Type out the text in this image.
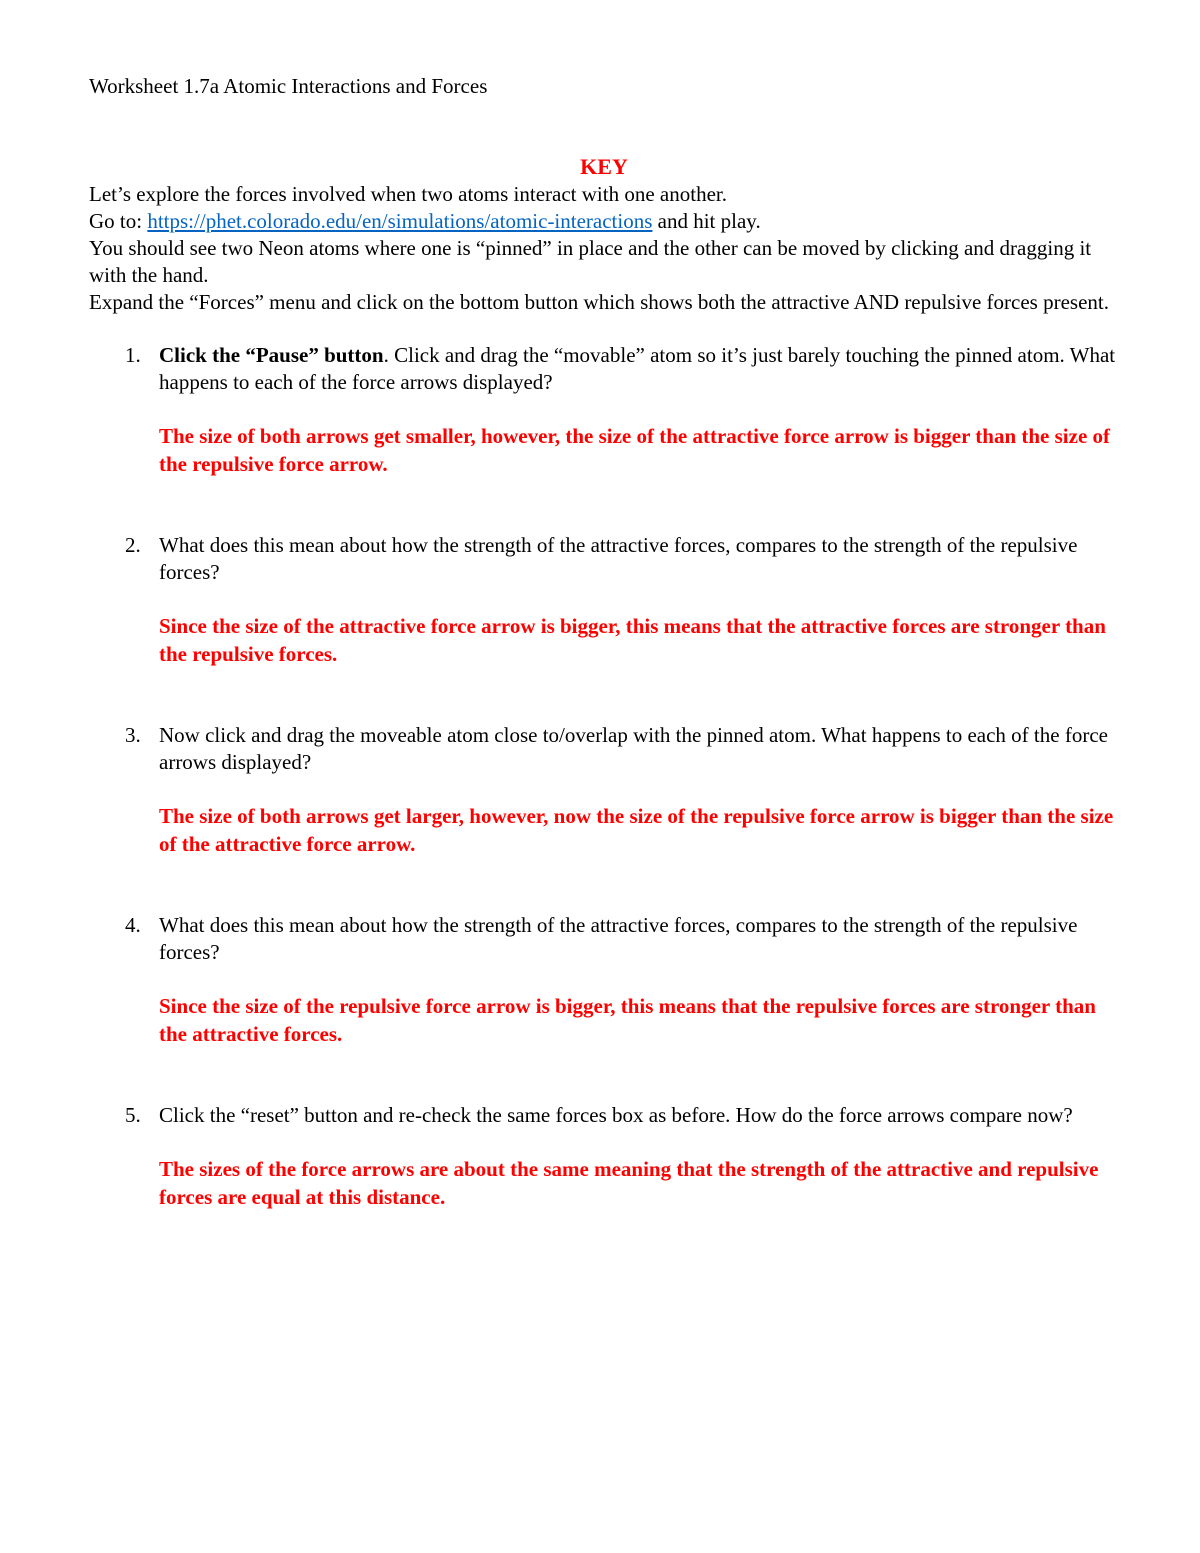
Worksheet 1.7a Atomic Interactions and Forces

KEY

Let’s explore the forces involved when two atoms interact with one another.

Go to: https://phet.colorado.edu/en/simulations/atomic-interactions and hit play.

You should see two Neon atoms where one is “pinned” in place and the other can be moved by clicking and dragging it with the hand.

Expand the “Forces” menu and click on the bottom button which shows both the attractive AND repulsive forces present.

1. Click the “Pause” button. Click and drag the “movable” atom so it’s just barely touching the pinned atom. What happens to each of the force arrows displayed?
The size of both arrows get smaller, however, the size of the attractive force arrow is bigger than the size of the repulsive force arrow.
2. What does this mean about how the strength of the attractive forces, compares to the strength of the repulsive forces?
Since the size of the attractive force arrow is bigger, this means that the attractive forces are stronger than the repulsive forces.
3. Now click and drag the moveable atom close to/overlap with the pinned atom. What happens to each of the force arrows displayed?
The size of both arrows get larger, however, now the size of the repulsive force arrow is bigger than the size of the attractive force arrow.
4. What does this mean about how the strength of the attractive forces, compares to the strength of the repulsive forces?
Since the size of the repulsive force arrow is bigger, this means that the repulsive forces are stronger than the attractive forces.
5. Click the “reset” button and re-check the same forces box as before. How do the force arrows compare now?
The sizes of the force arrows are about the same meaning that the strength of the attractive and repulsive forces are equal at this distance.
